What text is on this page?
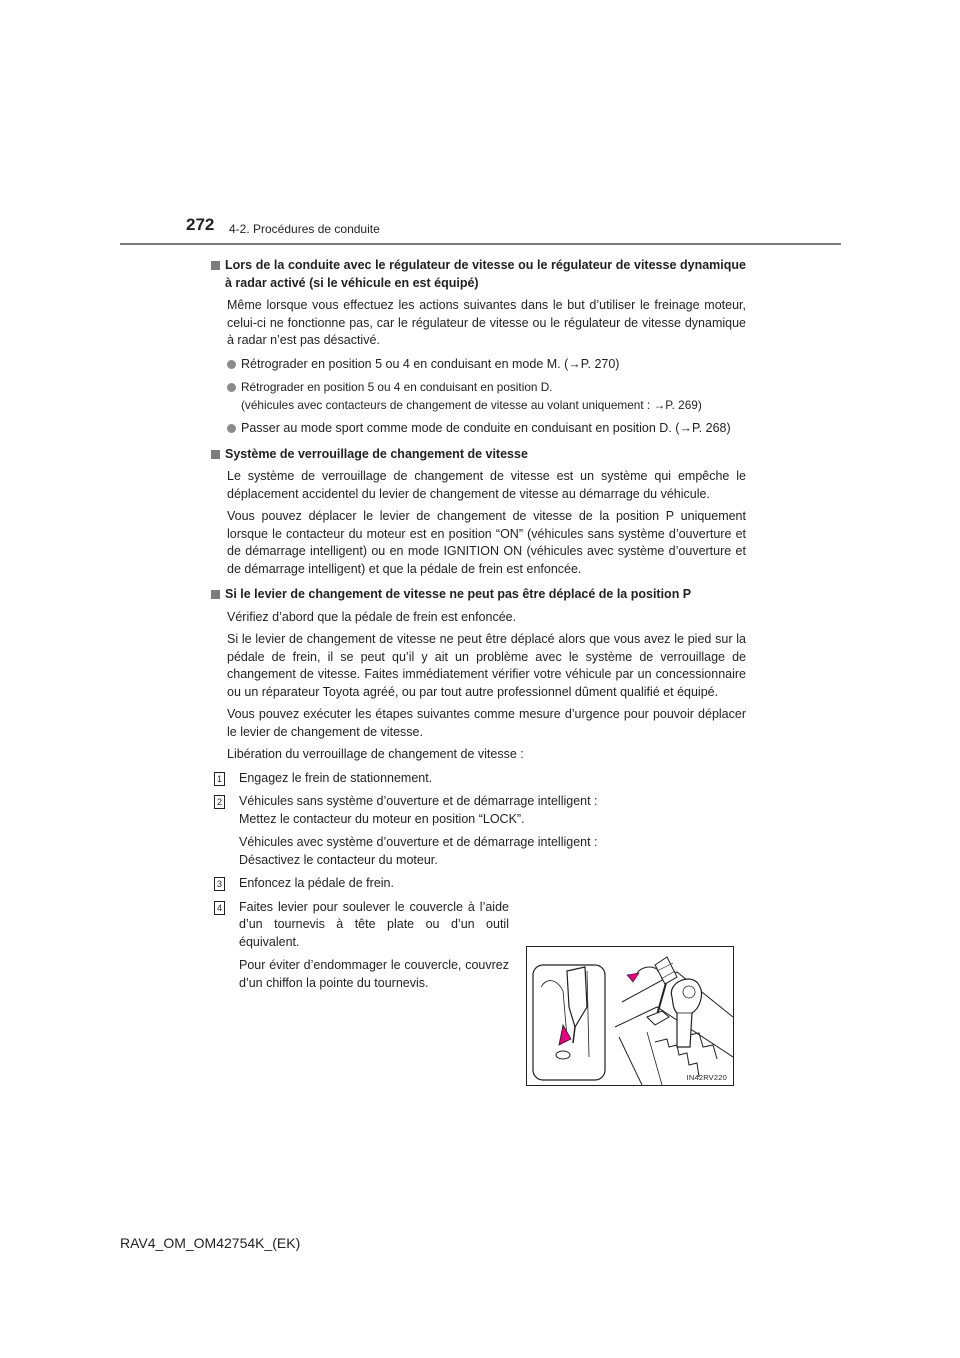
272 4-2. Procédures de conduite

Lors de la conduite avec le régulateur de vitesse ou le régulateur de vitesse dynamique à radar activé (si le véhicule en est équipé)

Même lorsque vous effectuez les actions suivantes dans le but d’utiliser le freinage moteur, celui-ci ne fonctionne pas, car le régulateur de vitesse ou le régulateur de vitesse dynamique à radar n’est pas désactivé.

Rétrograder en position 5 ou 4 en conduisant en mode M. (→P. 270)
Rétrograder en position 5 ou 4 en conduisant en position D.
(véhicules avec contacteurs de changement de vitesse au volant uniquement : →P. 269)
Passer au mode sport comme mode de conduite en conduisant en position D. (→P. 268)

Système de verrouillage de changement de vitesse

Le système de verrouillage de changement de vitesse est un système qui empêche le déplacement accidentel du levier de changement de vitesse au démarrage du véhicule.

Vous pouvez déplacer le levier de changement de vitesse de la position P uniquement lorsque le contacteur du moteur est en position “ON” (véhicules sans système d’ouverture et de démarrage intelligent) ou en mode IGNITION ON (véhicules avec système d’ouverture et de démarrage intelligent) et que la pédale de frein est enfoncée.

Si le levier de changement de vitesse ne peut pas être déplacé de la position P

Vérifiez d’abord que la pédale de frein est enfoncée.

Si le levier de changement de vitesse ne peut être déplacé alors que vous avez le pied sur la pédale de frein, il se peut qu’il y ait un problème avec le système de verrouillage de changement de vitesse. Faites immédiatement vérifier votre véhicule par un concessionnaire ou un réparateur Toyota agréé, ou par tout autre professionnel dûment qualifié et équipé.

Vous pouvez exécuter les étapes suivantes comme mesure d’urgence pour pouvoir déplacer le levier de changement de vitesse.

Libération du verrouillage de changement de vitesse :

1 Engagez le frein de stationnement.

2 Véhicules sans système d’ouverture et de démarrage intelligent :
Mettez le contacteur du moteur en position “LOCK”.

Véhicules avec système d’ouverture et de démarrage intelligent :
Désactivez le contacteur du moteur.

3 Enfoncez la pédale de frein.

4 Faites levier pour soulever le couvercle à l’aide d’un tournevis à tête plate ou d’un outil équivalent.

Pour éviter d’endommager le couvercle, couvrez d’un chiffon la pointe du tournevis.

IN42RV220
RAV4_OM_OM42754K_(EK)
